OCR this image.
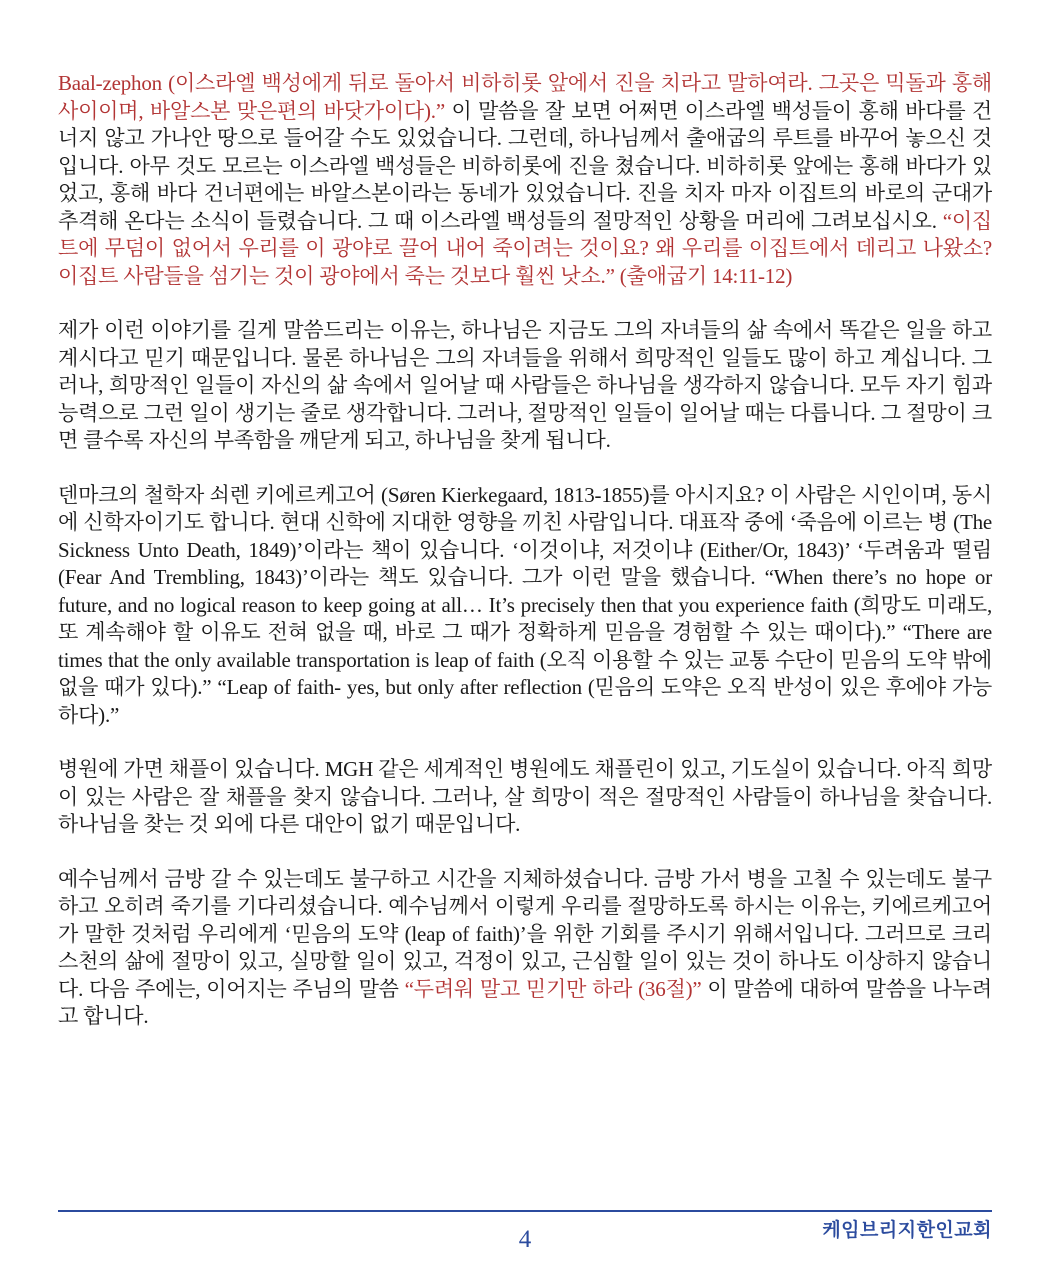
Baal-zephon (이스라엘 백성에게 뒤로 돌아서 비하히롯 앞에서 진을 치라고 말하여라. 그곳은 믹돌과 홍해 사이이며, 바알스본 맞은편의 바닷가이다).” 이 말씀을 잘 보면 어쩌면 이스라엘 백성들이 홍해 바다를 건너지 않고 가나안 땅으로 들어갈 수도 있었습니다. 그런데, 하나님께서 출애굽의 루트를 바꾸어 놓으신 것입니다. 아무 것도 모르는 이스라엘 백성들은 비하히롯에 진을 쳤습니다. 비하히롯 앞에는 홍해 바다가 있었고, 홍해 바다 건너편에는 바알스본이라는 동네가 있었습니다. 진을 치자 마자 이집트의 바로의 군대가 추격해 온다는 소식이 들렸습니다. 그 때 이스라엘 백성들의 절망적인 상황을 머리에 그려보십시오. “이집트에 무덤이 없어서 우리를 이 광야로 끌어 내어 죽이려는 것이요? 왜 우리를 이집트에서 데리고 나왔소? 이집트 사람들을 섬기는 것이 광야에서 죽는 것보다 훨씬 낫소.” (출애굽기 14:11-12)

제가 이런 이야기를 길게 말씀드리는 이유는, 하나님은 지금도 그의 자녀들의 삶 속에서 똑같은 일을 하고 계시다고 믿기 때문입니다. 물론 하나님은 그의 자녀들을 위해서 희망적인 일들도 많이 하고 계십니다. 그러나, 희망적인 일들이 자신의 삶 속에서 일어날 때 사람들은 하나님을 생각하지 않습니다. 모두 자기 힘과 능력으로 그런 일이 생기는 줄로 생각합니다. 그러나, 절망적인 일들이 일어날 때는 다릅니다. 그 절망이 크면 클수록 자신의 부족함을 깨닫게 되고, 하나님을 찾게 됩니다.

덴마크의 철학자 쇠렌 키에르케고어 (Søren Kierkegaard, 1813-1855)를 아시지요? 이 사람은 시인이며, 동시에 신학자이기도 합니다. 현대 신학에 지대한 영향을 끼친 사람입니다. 대표작 중에 ‘죽음에 이르는 병 (The Sickness Unto Death, 1849)’이라는 책이 있습니다. ‘이것이냐, 저것이냐 (Either/Or, 1843)’ ‘두려움과 떨림 (Fear And Trembling, 1843)’이라는 책도 있습니다. 그가 이런 말을 했습니다. “When there’s no hope or future, and no logical reason to keep going at all… It’s precisely then that you experience faith (희망도 미래도, 또 계속해야 할 이유도 전혀 없을 때, 바로 그 때가 정확하게 믿음을 경험할 수 있는 때이다).” “There are times that the only available transportation is leap of faith (오직 이용할 수 있는 교통 수단이 믿음의 도약 밖에 없을 때가 있다).” “Leap of faith- yes, but only after reflection (믿음의 도약은 오직 반성이 있은 후에야 가능하다).”

병원에 가면 채플이 있습니다. MGH 같은 세계적인 병원에도 채플린이 있고, 기도실이 있습니다. 아직 희망이 있는 사람은 잘 채플을 찾지 않습니다. 그러나, 살 희망이 적은 절망적인 사람들이 하나님을 찾습니다. 하나님을 찾는 것 외에 다른 대안이 없기 때문입니다.

예수님께서 금방 갈 수 있는데도 불구하고 시간을 지체하셨습니다. 금방 가서 병을 고칠 수 있는데도 불구하고 오히려 죽기를 기다리셨습니다. 예수님께서 이렇게 우리를 절망하도록 하시는 이유는, 키에르케고어가 말한 것처럼 우리에게 ‘믿음의 도약 (leap of faith)’을 위한 기회를 주시기 위해서입니다. 그러므로 크리스천의 삶에 절망이 있고, 실망할 일이 있고, 걱정이 있고, 근심할 일이 있는 것이 하나도 이상하지 않습니다. 다음 주에는, 이어지는 주님의 말씀 “두려워 말고 믿기만 하라 (36절)” 이 말씀에 대하여 말씀을 나누려고 합니다.

케임브리지한인교회
4
